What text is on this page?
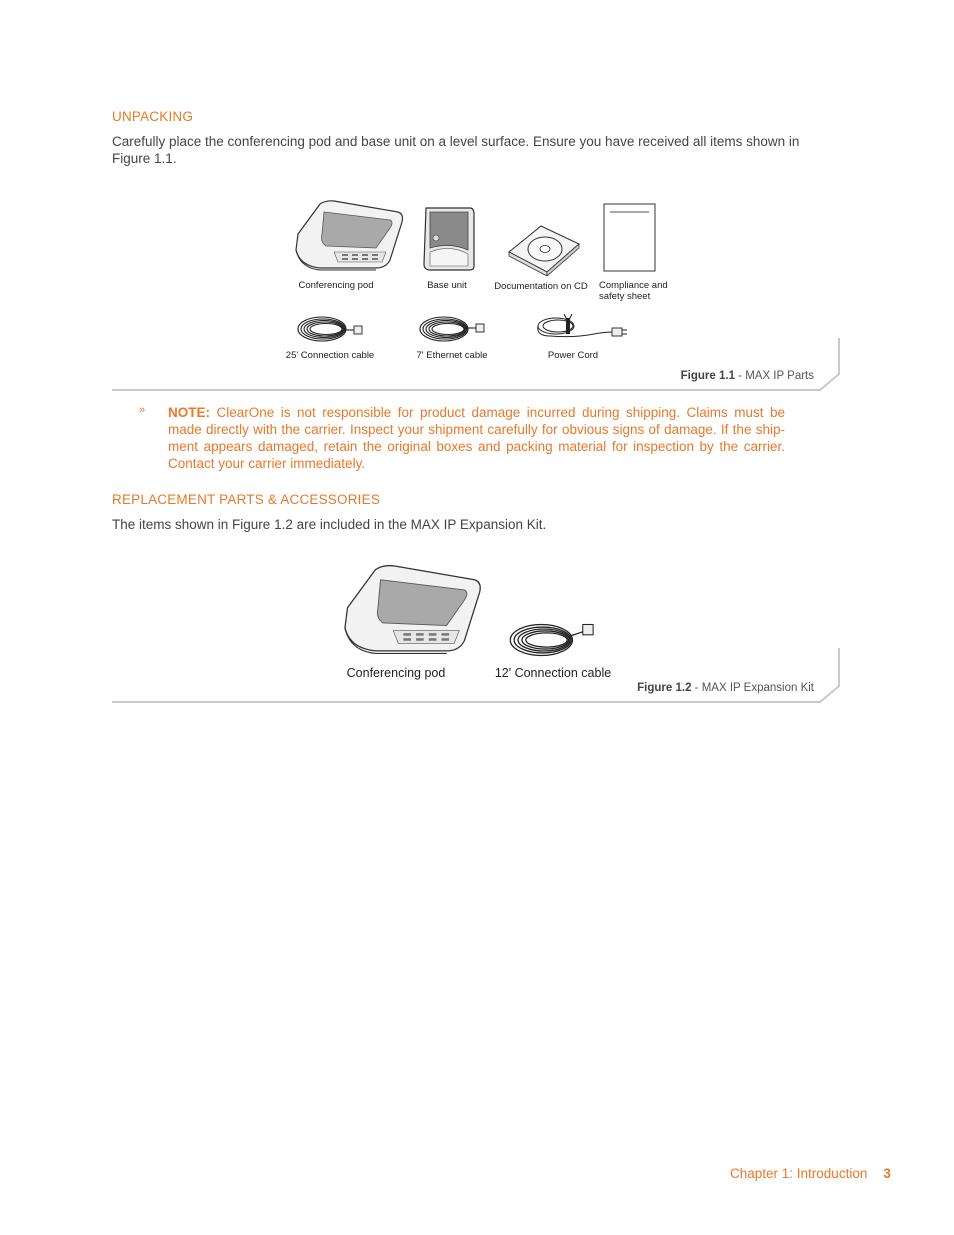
UNPACKING
Carefully place the conferencing pod and base unit on a level surface. Ensure you have received all items shown in
Figure 1.1.
Conferencing pod	Base unit	Documentation on CD	Compliance and
safety sheet
25' Connection cable	7' Ethernet cable	Power Cord
Figure 1.1 - MAX IP Parts
» NOTE: ClearOne is not responsible for product damage incurred during shipping. Claims must be
made directly with the carrier. Inspect your shipment carefully for obvious signs of damage. If the ship-
ment appears damaged, retain the original boxes and packing material for inspection by the carrier.
Contact your carrier immediately.
REPLACEMENT PARTS & ACCESSORIES
The items shown in Figure 1.2 are included in the MAX IP Expansion Kit.
Conferencing pod	12' Connection cable
Figure 1.2 - MAX IP Expansion Kit
Chapter 1: Introduction 3
